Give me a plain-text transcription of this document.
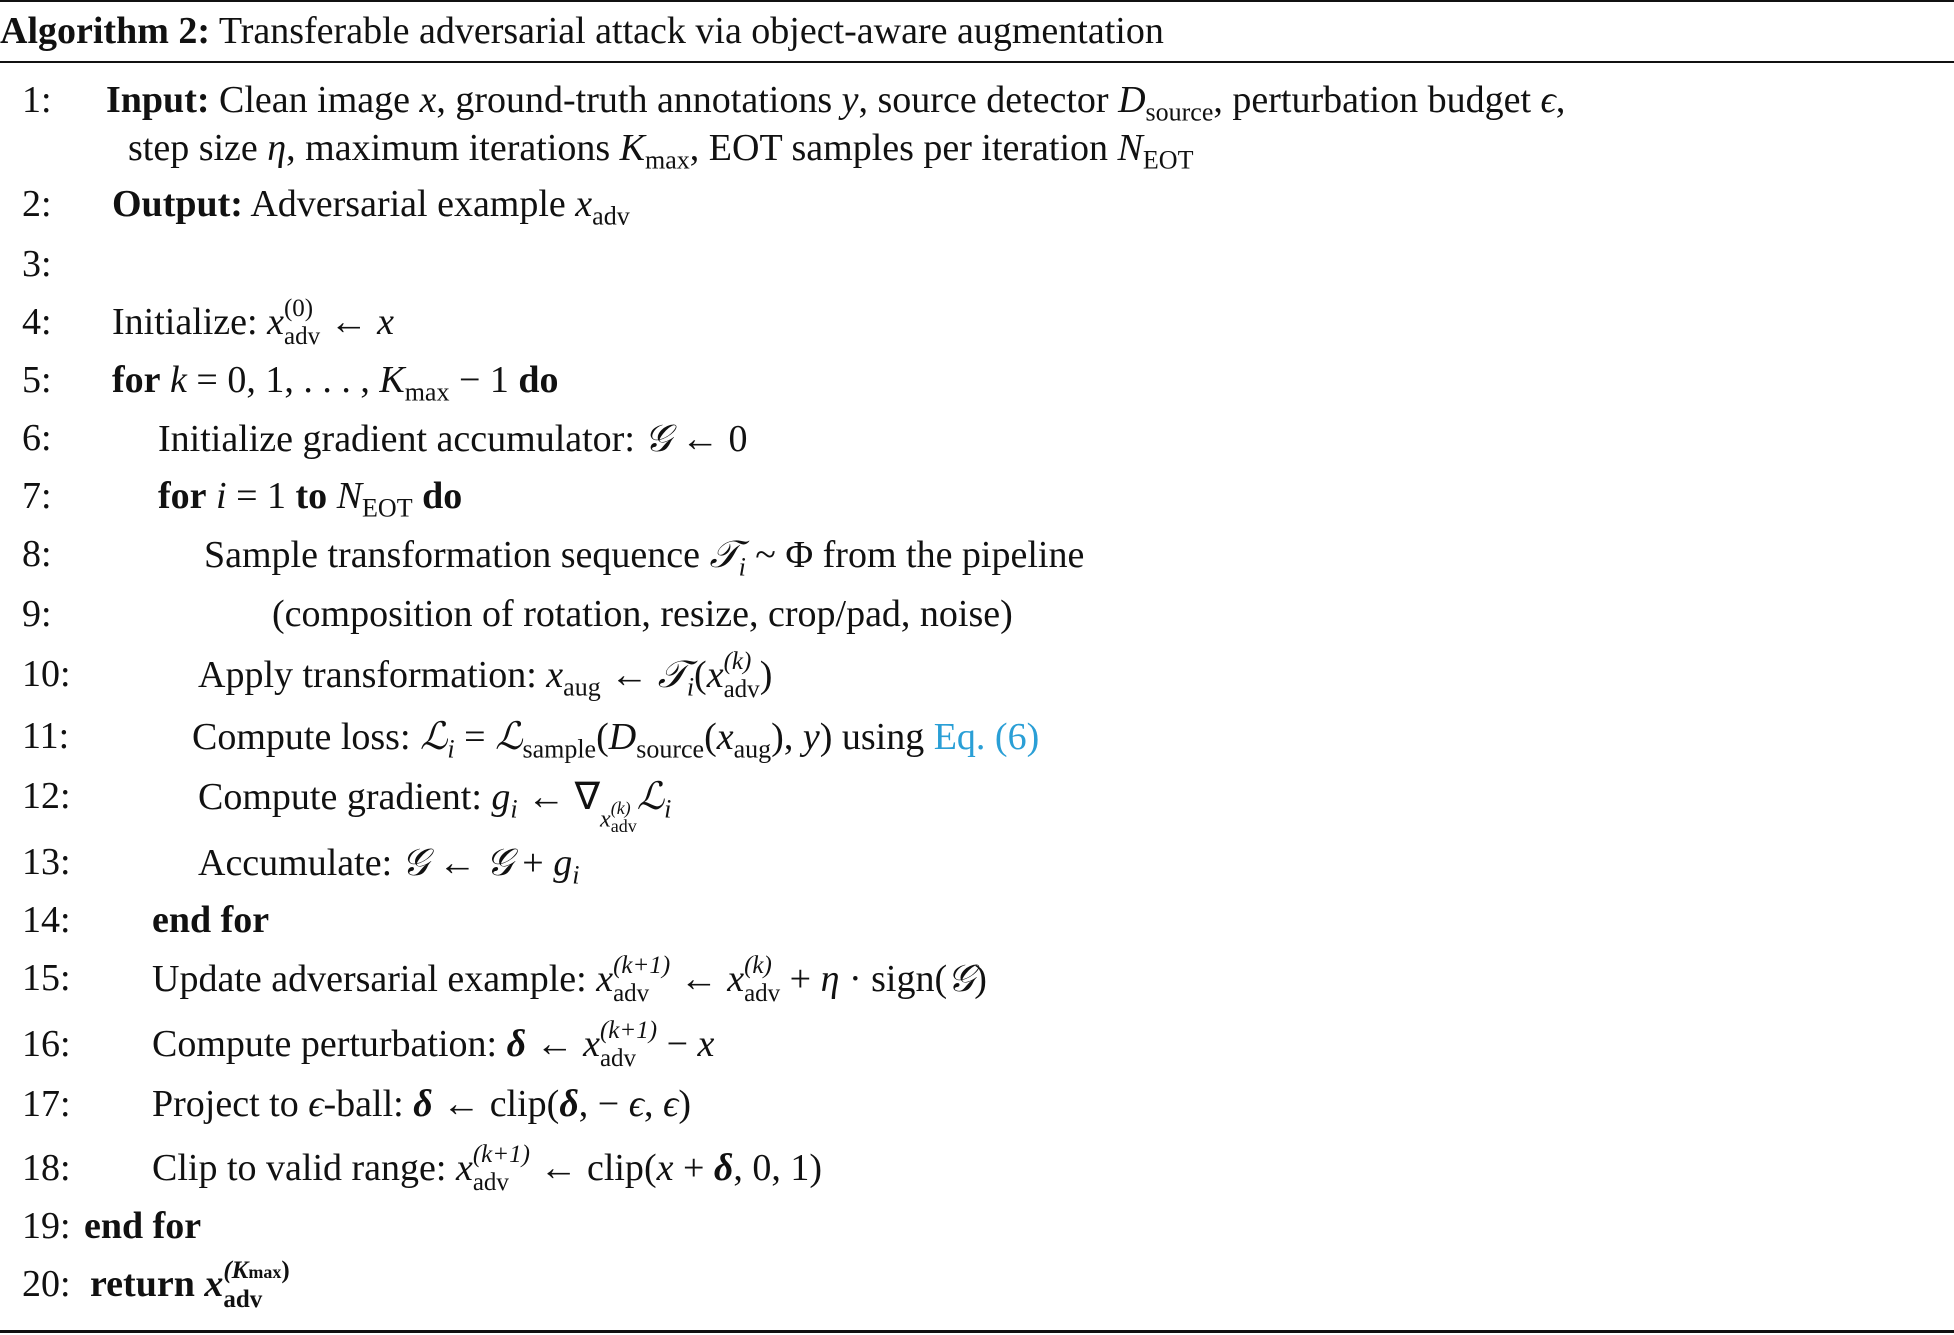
Algorithm 2: Transferable adversarial attack via object-aware augmentation
1: Input: Clean image x, ground-truth annotations y, source detector $D_{source}$, perturbation budget ϵ,
step size η, maximum iterations $K_{max}$, EOT samples per iteration $N_{EOT}$
2: Output: Adversarial example $x_{adv}$
3:
4: Initialize: x (0)
adv ← x
5: for k = 0, 1, . . . , $K_{max} - 1$ do
6:	Initialize gradient accumulator: 𝒢 ← 0
7:	for i = 1 to $N_{EOT}$ do
8:	Sample transformation sequence 𝒯$_i$ ~ Φ from the pipeline
9:	(composition of rotation, resize, crop/pad, noise)
10:	Apply transformation: $x_{aug}$ ← 𝒯$_i$(x (k)
adv )
11:	Compute loss: ℒ$_i$ = $ℒ_{sample}(D_{source}(x_{aug})$, y) using Eq. (6)
12:	Compute gradient: $g_i$ ← ∇x (k)
adv
ℒ$_i$
13:	Accumulate: 𝒢 ← 𝒢 + $g_i$
14: end for
15: Update adversarial example: x (k+1)
adv ← x (k)
adv + η · sign(𝒢)
16: Compute perturbation: δ ← x (k+1)
adv − x
17: Project to ϵ-ball: δ ← clip(δ, − ϵ, ϵ)
18: Clip to valid range: x (k+1)
adv ← clip(x + δ, 0, 1)
19: end for
20: return x (Kmax)
adv
